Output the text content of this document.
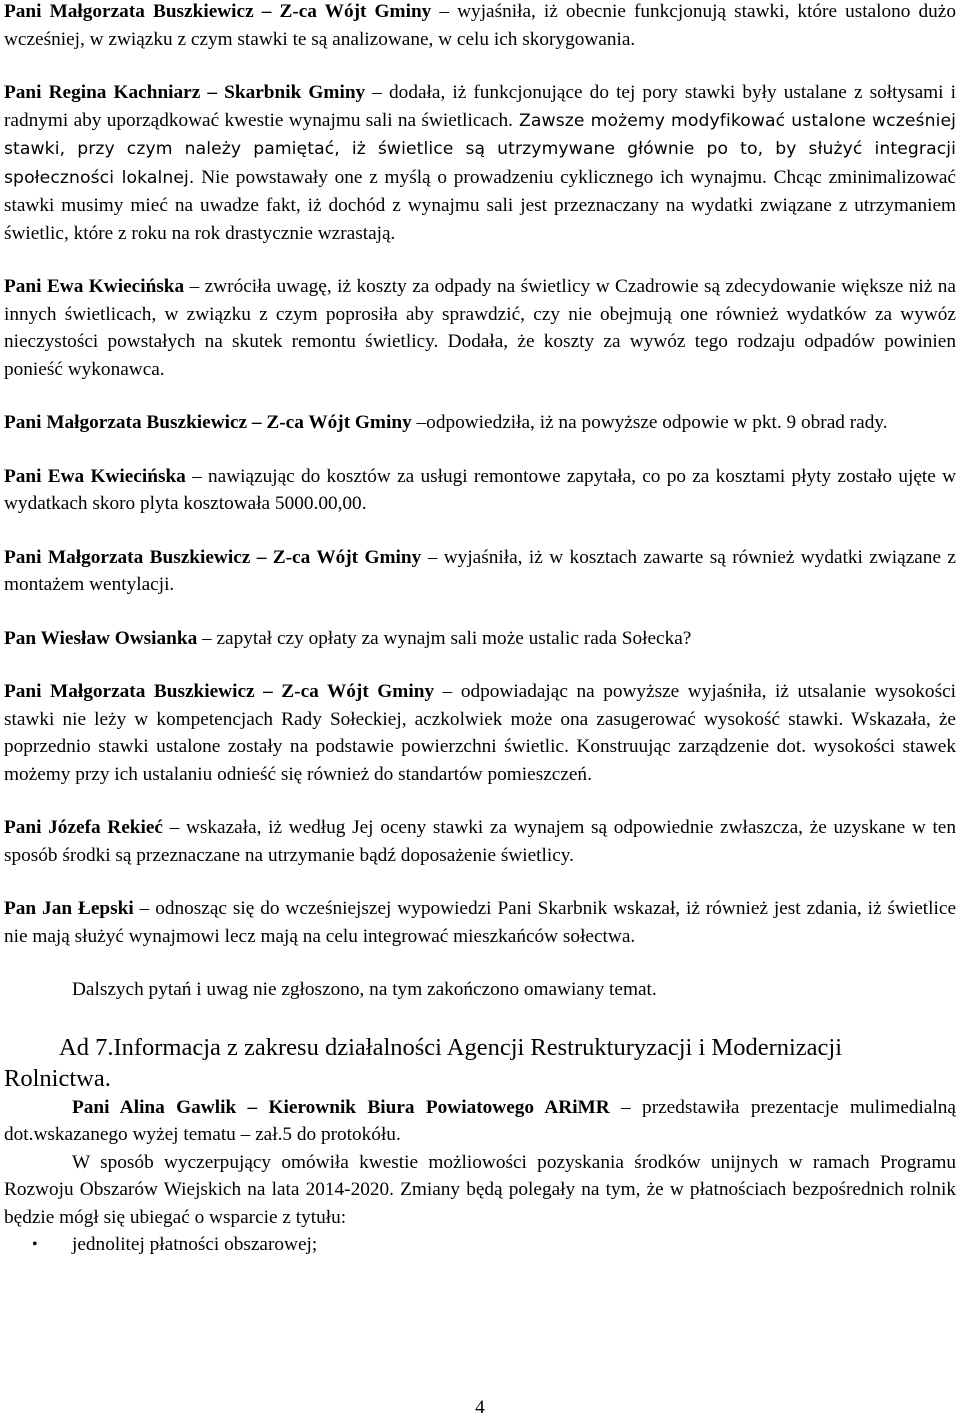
Pani Małgorzata Buszkiewicz – Z-ca Wójt Gminy – wyjaśniła, iż obecnie funkcjonują stawki, które ustalono dużo wcześniej, w związku z czym stawki te są analizowane, w celu ich skorygowania.

Pani Regina Kachniarz – Skarbnik Gminy – dodała, iż funkcjonujące do tej pory stawki były ustalane z sołtysami i radnymi aby uporządkować kwestie wynajmu sali na świetlicach. Zawsze możemy modyfikować ustalone wcześniej stawki, przy czym należy pamiętać, iż świetlice są utrzymywane głównie po to, by służyć integracji społeczności lokalnej. Nie powstawały one z myślą o prowadzeniu cyklicznego ich wynajmu. Chcąc zminimalizować stawki musimy mieć na uwadze fakt, iż dochód z wynajmu sali jest przeznaczany na wydatki związane z utrzymaniem świetlic, które z roku na rok drastycznie wzrastają.

Pani Ewa Kwiecińska – zwróciła uwagę, iż koszty za odpady na świetlicy w Czadrowie są zdecydowanie większe niż na innych świetlicach, w związku z czym poprosiła aby sprawdzić, czy nie obejmują one również wydatków za wywóz nieczystości powstałych na skutek remontu świetlicy. Dodała, że koszty za wywóz tego rodzaju odpadów powinien ponieść wykonawca.

Pani Małgorzata Buszkiewicz – Z-ca Wójt Gminy –odpowiedziła, iż na powyższe odpowie w pkt. 9 obrad rady.

Pani Ewa Kwiecińska – nawiązując do kosztów za usługi remontowe zapytała, co po za kosztami płyty zostało ujęte w wydatkach skoro plyta kosztowała 5000.00,00.

Pani Małgorzata Buszkiewicz – Z-ca Wójt Gminy – wyjaśniła, iż w kosztach zawarte są również wydatki związane z montażem wentylacji.

Pan Wiesław Owsianka – zapytał czy opłaty za wynajm sali może ustalic rada Sołecka?

Pani Małgorzata Buszkiewicz – Z-ca Wójt Gminy – odpowiadając na powyższe wyjaśniła, iż utsalanie wysokości stawki nie leży w kompetencjach Rady Sołeckiej, aczkolwiek może ona zasugerować wysokość stawki. Wskazała, że poprzednio stawki ustalone zostały na podstawie powierzchni świetlic. Konstruując zarządzenie dot. wysokości stawek możemy przy ich ustalaniu odnieść się również do standartów pomieszczeń.

Pani Józefa Rekieć – wskazała, iż według Jej oceny stawki za wynajem są odpowiednie zwłaszcza, że uzyskane w ten sposób środki są przeznaczane na utrzymanie bądź doposażenie świetlicy.

Pan Jan Łepski – odnosząc się do wcześniejszej wypowiedzi Pani Skarbnik wskazał, iż również jest zdania, iż świetlice nie mają służyć wynajmowi lecz mają na celu integrować mieszkańców sołectwa.

Dalszych pytań i uwag nie zgłoszono, na tym zakończono omawiany temat.

Ad 7.Informacja z zakresu działalności Agencji Restrukturyzacji i Modernizacji
Rolnictwa.

Pani Alina Gawlik – Kierownik Biura Powiatowego ARiMR – przedstawiła prezentacje mulimedialną dot.wskazanego wyżej tematu – zał.5 do protokółu.

W sposób wyczerpujący omówiła kwestie możliowości pozyskania środków unijnych w ramach Programu Rozwoju Obszarów Wiejskich na lata 2014-2020. Zmiany będą polegały na tym, że w płatnościach bezpośrednich rolnik będzie mógł się ubiegać o wsparcie z tytułu:

• jednolitej płatności obszarowej;
4
